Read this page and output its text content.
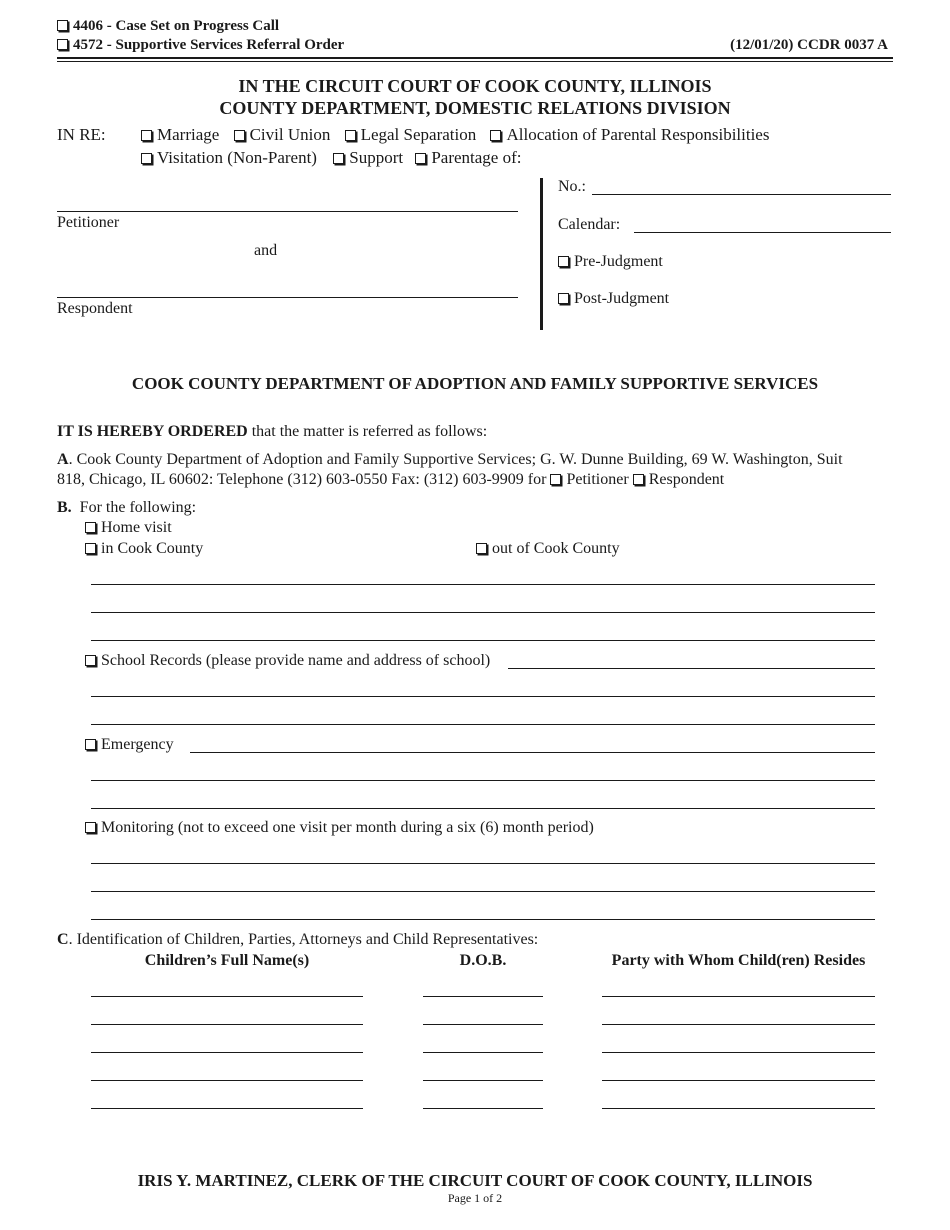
4406 - Case Set on Progress Call
4572 - Supportive Services Referral Order	(12/01/20) CCDR 0037 A
IN THE CIRCUIT COURT OF COOK COUNTY, ILLINOIS
COUNTY DEPARTMENT, DOMESTIC RELATIONS DIVISION
IN RE:	Marriage Civil Union Legal Separation Allocation of Parental Responsibilities
Visitation (Non-Parent) Support Parentage of:
Petitioner
and
Respondent
No.:
Calendar:
Pre-Judgment
Post-Judgment
COOK COUNTY DEPARTMENT OF ADOPTION AND FAMILY SUPPORTIVE SERVICES
IT IS HEREBY ORDERED that the matter is referred as follows:
A. Cook County Department of Adoption and Family Supportive Services; G. W. Dunne Building, 69 W. Washington, Suit
818, Chicago, IL 60602: Telephone (312) 603-0550 Fax: (312) 603-9909 for Petitioner Respondent
B. For the following:
Home visit
in Cook County	out of Cook County
School Records (please provide name and address of school)
Emergency
Monitoring (not to exceed one visit per month during a six (6) month period)
C. Identification of Children, Parties, Attorneys and Child Representatives:
Children’s Full Name(s)	D.O.B.	Party with Whom Child(ren) Resides
IRIS Y. MARTINEZ, CLERK OF THE CIRCUIT COURT OF COOK COUNTY, ILLINOIS
Page 1 of 2
